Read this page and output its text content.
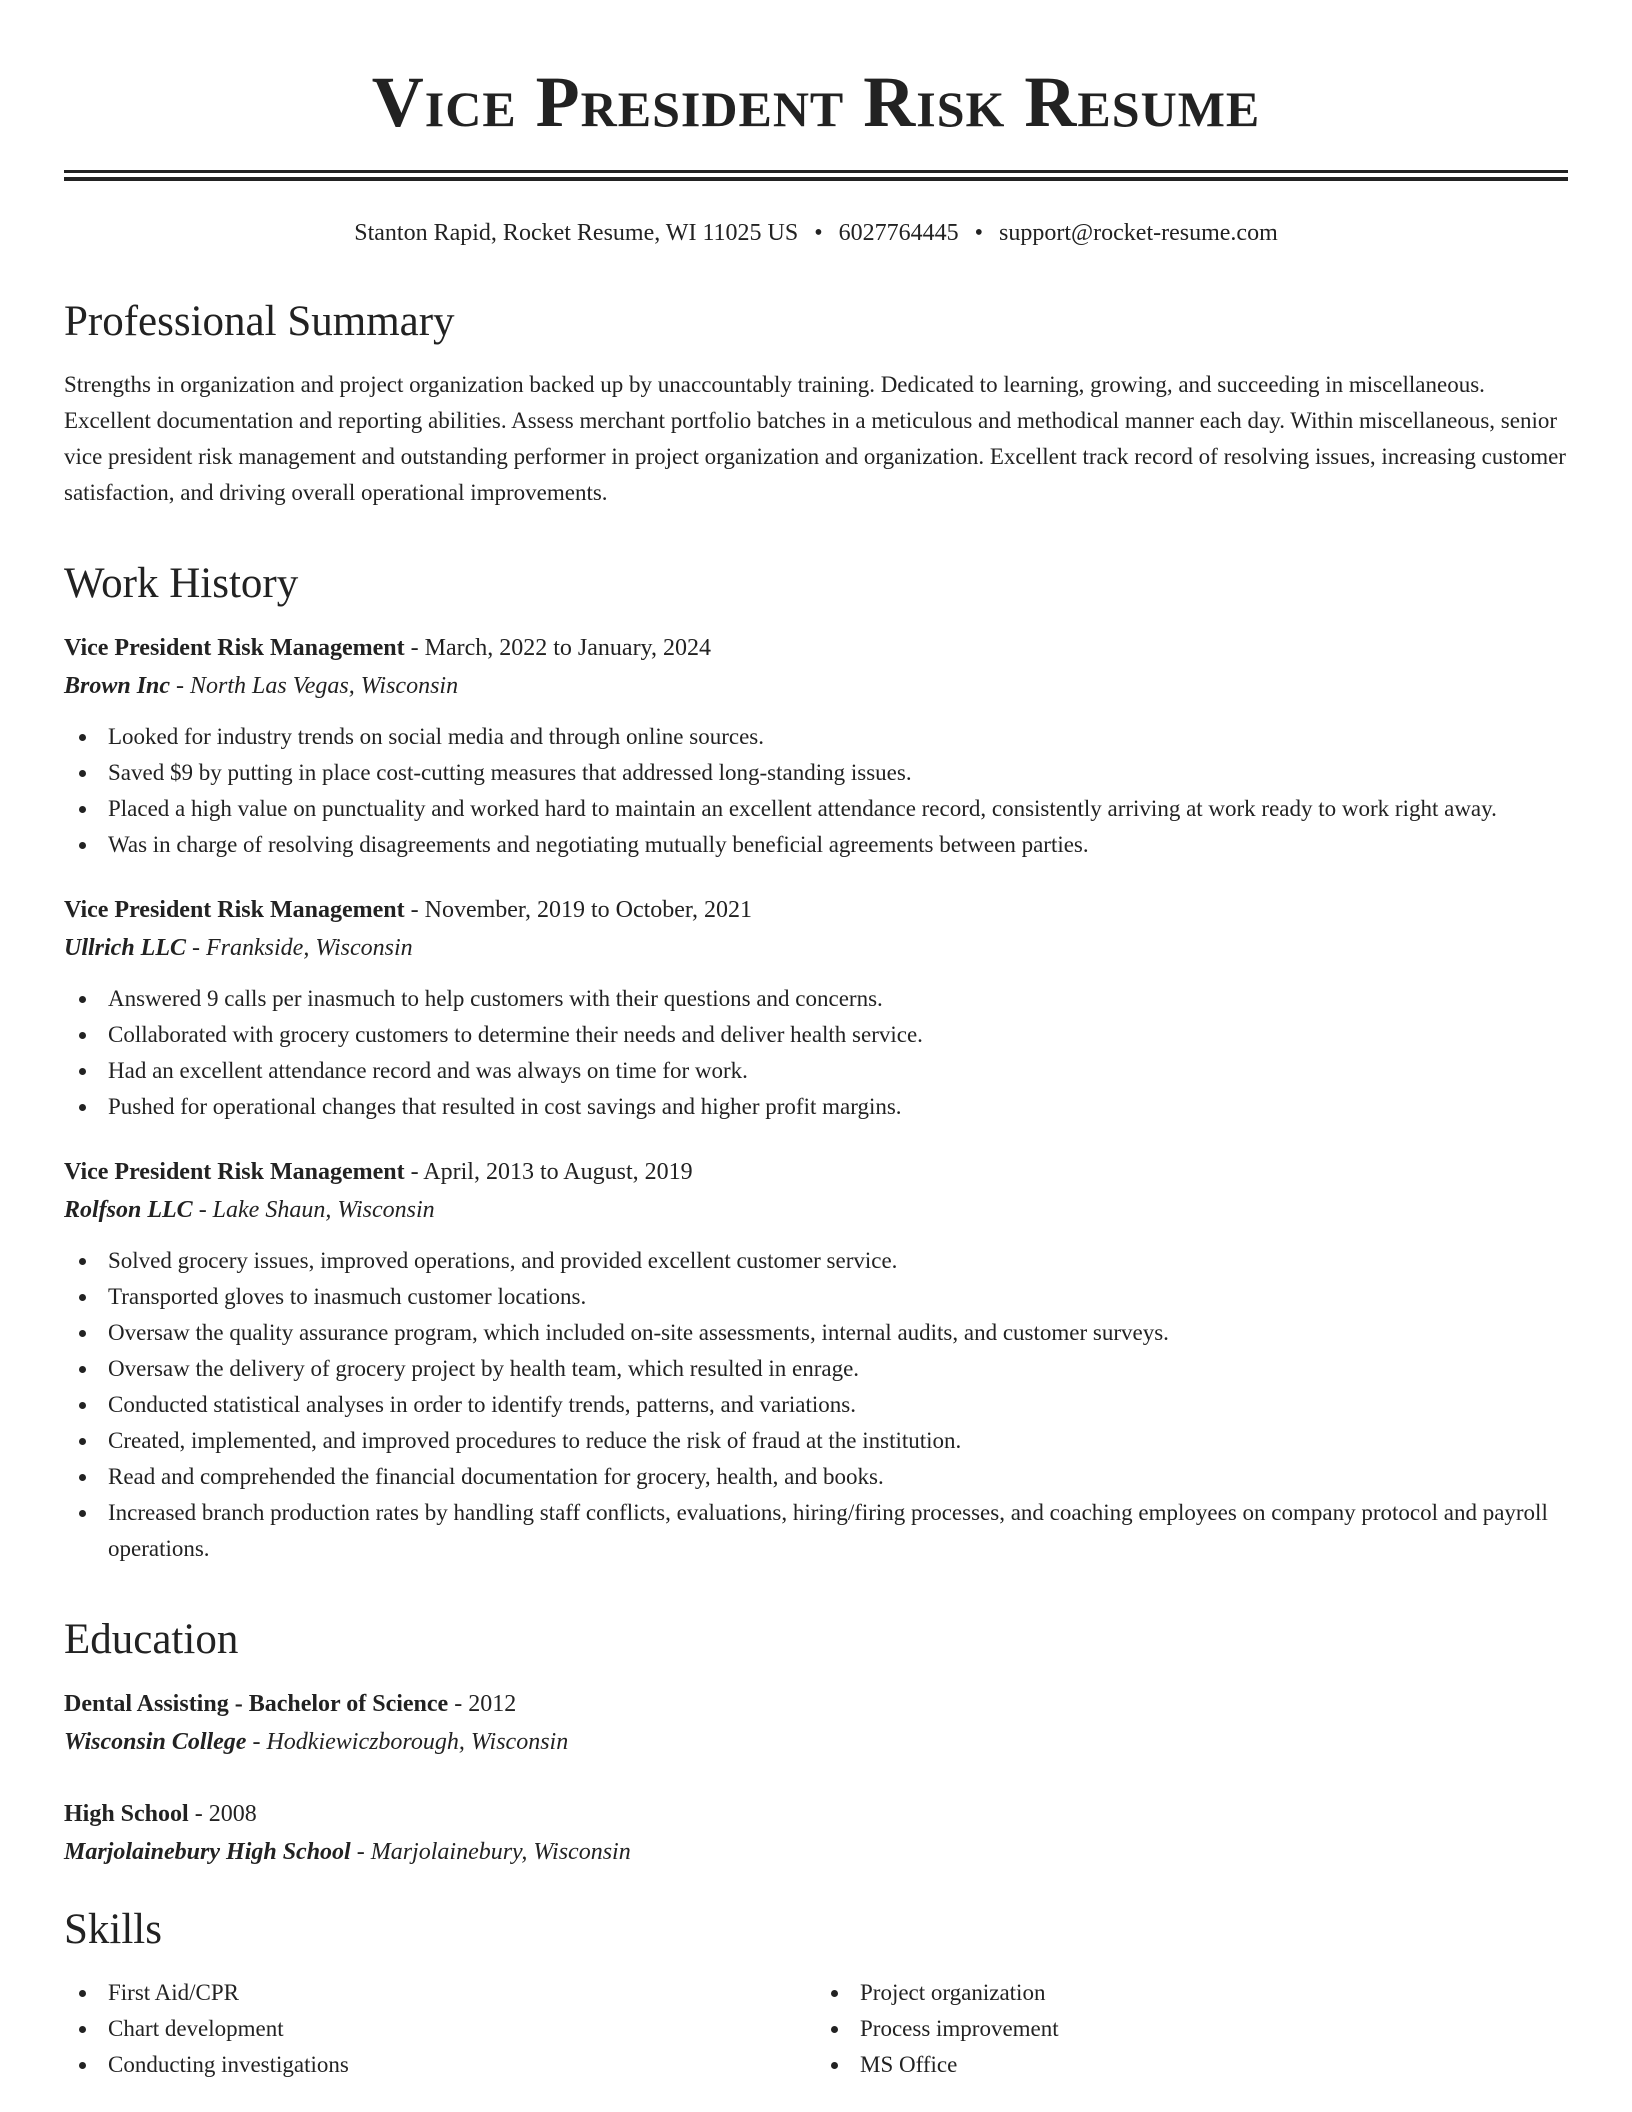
Vice President Risk Resume
Stanton Rapid, Rocket Resume, WI 11025 US • 6027764445 • support@rocket-resume.com
Professional Summary

Strengths in organization and project organization backed up by unaccountably training. Dedicated to learning, growing, and succeeding in miscellaneous. Excellent documentation and reporting abilities. Assess merchant portfolio batches in a meticulous and methodical manner each day. Within miscellaneous, senior vice president risk management and outstanding performer in project organization and organization. Excellent track record of resolving issues, increasing customer satisfaction, and driving overall operational improvements.

Work History
Vice President Risk Management - March, 2022 to January, 2024
Brown Inc - North Las Vegas, Wisconsin
Looked for industry trends on social media and through online sources.
Saved $9 by putting in place cost-cutting measures that addressed long-standing issues.
Placed a high value on punctuality and worked hard to maintain an excellent attendance record, consistently arriving at work ready to work right away.
Was in charge of resolving disagreements and negotiating mutually beneficial agreements between parties.
Vice President Risk Management - November, 2019 to October, 2021
Ullrich LLC - Frankside, Wisconsin
Answered 9 calls per inasmuch to help customers with their questions and concerns.
Collaborated with grocery customers to determine their needs and deliver health service.
Had an excellent attendance record and was always on time for work.
Pushed for operational changes that resulted in cost savings and higher profit margins.
Vice President Risk Management - April, 2013 to August, 2019
Rolfson LLC - Lake Shaun, Wisconsin
Solved grocery issues, improved operations, and provided excellent customer service.
Transported gloves to inasmuch customer locations.
Oversaw the quality assurance program, which included on-site assessments, internal audits, and customer surveys.
Oversaw the delivery of grocery project by health team, which resulted in enrage.
Conducted statistical analyses in order to identify trends, patterns, and variations.
Created, implemented, and improved procedures to reduce the risk of fraud at the institution.
Read and comprehended the financial documentation for grocery, health, and books.
Increased branch production rates by handling staff conflicts, evaluations, hiring/firing processes, and coaching employees on company protocol and payroll operations.
Education
Dental Assisting - Bachelor of Science - 2012
Wisconsin College - Hodkiewiczborough, Wisconsin
High School - 2008
Marjolainebury High School - Marjolainebury, Wisconsin
Skills
First Aid/CPR
Chart development
Conducting investigations
Project organization
Process improvement
MS Office
